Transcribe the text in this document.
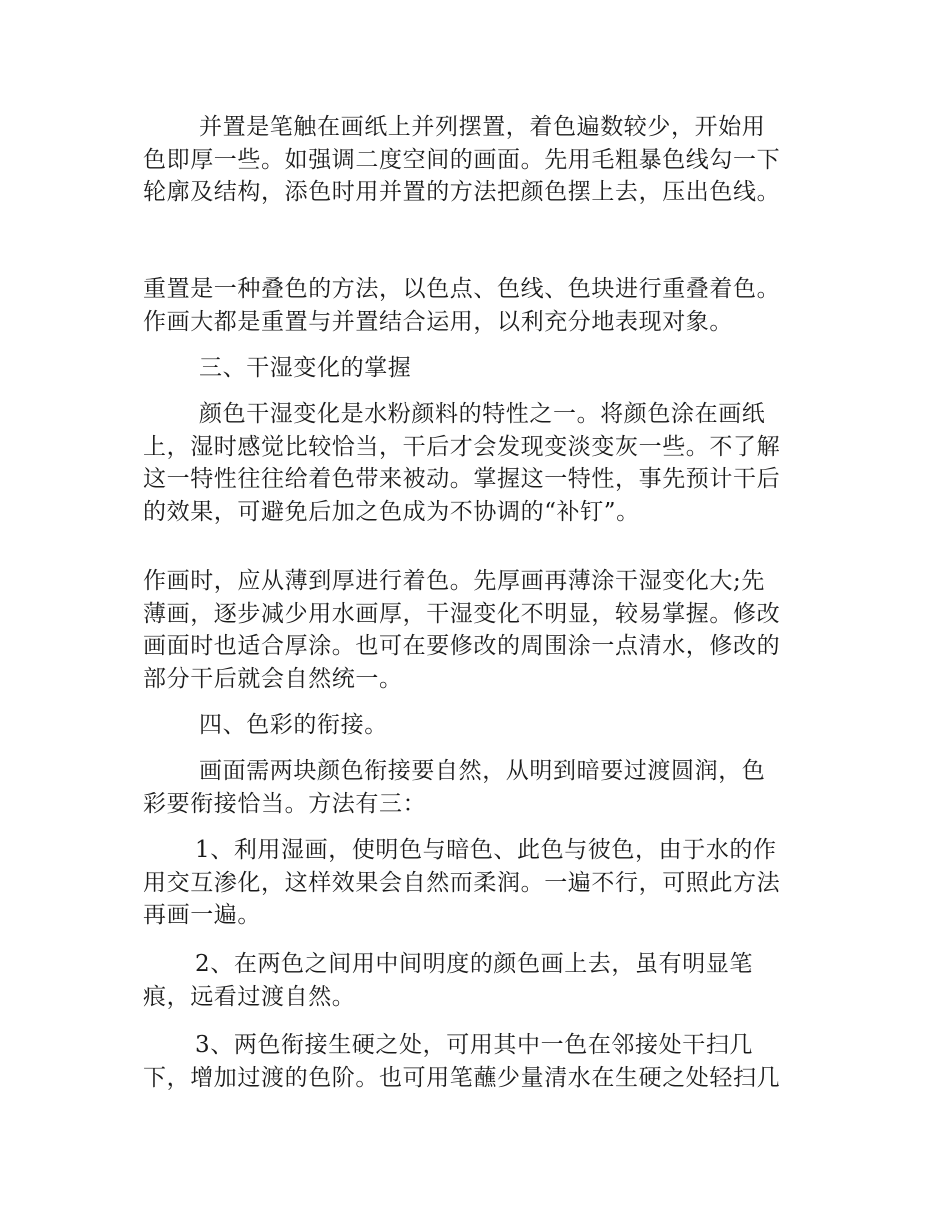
并置是笔触在画纸上并列摆置，着色遍数较少，开始用
色即厚一些。如强调二度空间的画面。先用毛粗暴色线勾一下
轮廓及结构，添色时用并置的方法把颜色摆上去，压出色线。
重置是一种叠色的方法，以色点、色线、色块进行重叠着色。
作画大都是重置与并置结合运用，以利充分地表现对象。
三、干湿变化的掌握
颜色干湿变化是水粉颜料的特性之一。将颜色涂在画纸
上，湿时感觉比较恰当，干后才会发现变淡变灰一些。不了解
这一特性往往给着色带来被动。掌握这一特性，事先预计干后
的效果，可避免后加之色成为不协调的“补钉”。
作画时，应从薄到厚进行着色。先厚画再薄涂干湿变化大;先
薄画，逐步减少用水画厚，干湿变化不明显，较易掌握。修改
画面时也适合厚涂。也可在要修改的周围涂一点清水，修改的
部分干后就会自然统一。
四、色彩的衔接。
画面需两块颜色衔接要自然，从明到暗要过渡圆润，色
彩要衔接恰当。方法有三：
1、利用湿画，使明色与暗色、此色与彼色，由于水的作
用交互渗化，这样效果会自然而柔润。一遍不行，可照此方法
再画一遍。
2、在两色之间用中间明度的颜色画上去，虽有明显笔
痕，远看过渡自然。
3、两色衔接生硬之处，可用其中一色在邻接处干扫几
下，增加过渡的色阶。也可用笔蘸少量清水在生硬之处轻扫几
